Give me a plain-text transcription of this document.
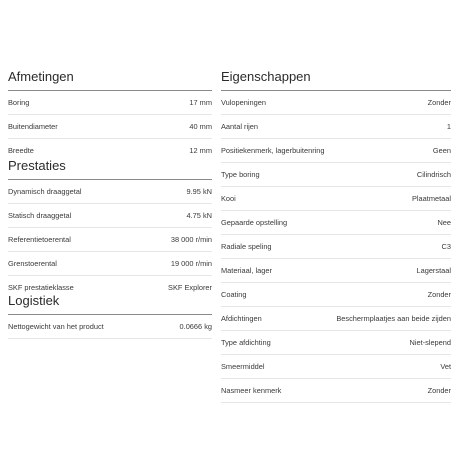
Afmetingen
Boring	17 mm
Buitendiameter	40 mm
Breedte	12 mm
Prestaties
Dynamisch draaggetal	9.95 kN
Statisch draaggetal	4.75 kN
Referentietoerental	38 000 r/min
Grenstoerental	19 000 r/min
SKF prestatieklasse	SKF Explorer
Logistiek
Nettogewicht van het product	0.0666 kg
Eigenschappen
Vulopeningen	Zonder
Aantal rijen	1
Positiekenmerk, lagerbuitenring	Geen
Type boring	Cilindrisch
Kooi	Plaatmetaal
Gepaarde opstelling	Nee
Radiale speling	C3
Materiaal, lager	Lagerstaal
Coating	Zonder
Afdichtingen	Beschermplaatjes aan beide zijden
Type afdichting	Niet-slepend
Smeermiddel	Vet
Nasmeer kenmerk	Zonder
